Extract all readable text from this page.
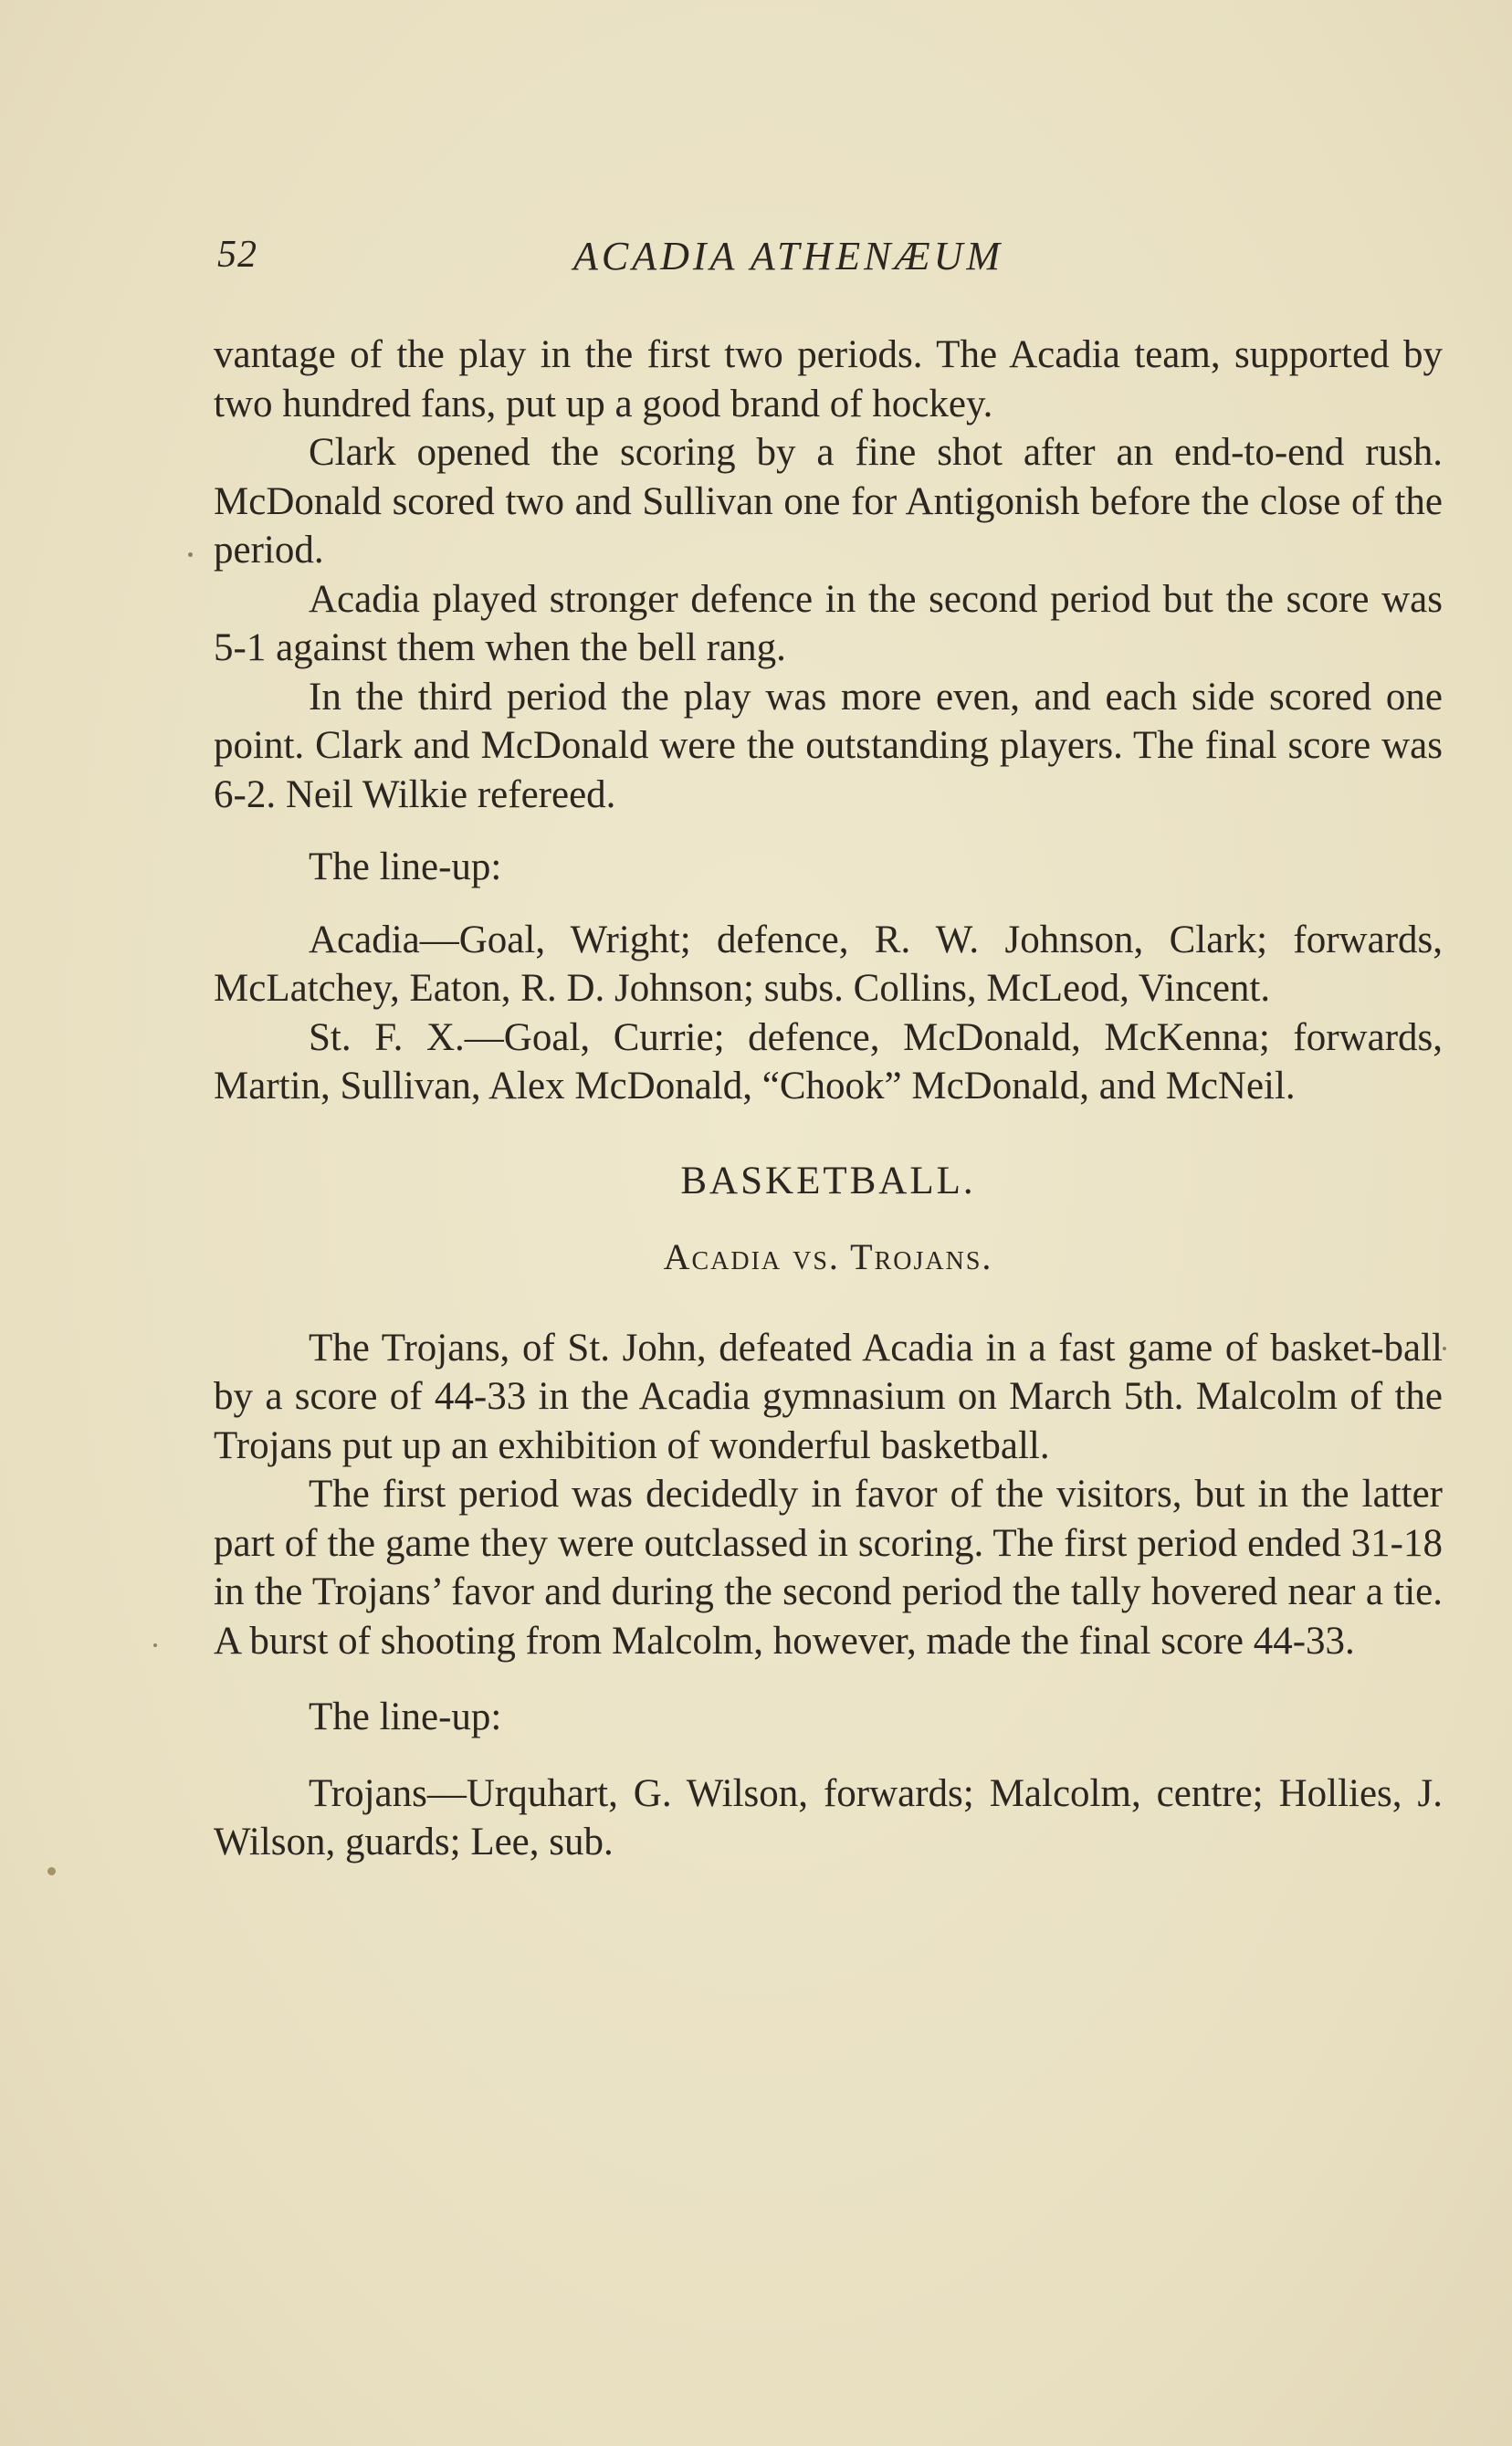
52	ACADIA ATHENÆUM

vantage of the play in the first two periods. The Acadia team, supported by two hundred fans, put up a good brand of hockey.

Clark opened the scoring by a fine shot after an end-to-end rush. McDonald scored two and Sullivan one for Antigonish before the close of the period.

Acadia played stronger defence in the second period but the score was 5-1 against them when the bell rang.

In the third period the play was more even, and each side scored one point. Clark and McDonald were the outstanding players. The final score was 6-2. Neil Wilkie refereed.

The line-up:

Acadia—Goal, Wright; defence, R. W. Johnson, Clark; forwards, McLatchey, Eaton, R. D. Johnson; subs. Collins, McLeod, Vincent.

St. F. X.—Goal, Currie; defence, McDonald, McKenna; forwards, Martin, Sullivan, Alex McDonald, “Chook” McDonald, and McNeil.

BASKETBALL.

Acadia vs. Trojans.

The Trojans, of St. John, defeated Acadia in a fast game of basket-ball by a score of 44-33 in the Acadia gymnasium on March 5th. Malcolm of the Trojans put up an exhibition of wonderful basketball.

The first period was decidedly in favor of the visitors, but in the latter part of the game they were outclassed in scoring. The first period ended 31-18 in the Trojans’ favor and during the second period the tally hovered near a tie. A burst of shooting from Malcolm, however, made the final score 44-33.

The line-up:

Trojans—Urquhart, G. Wilson, forwards; Malcolm, centre; Hollies, J. Wilson, guards; Lee, sub.
